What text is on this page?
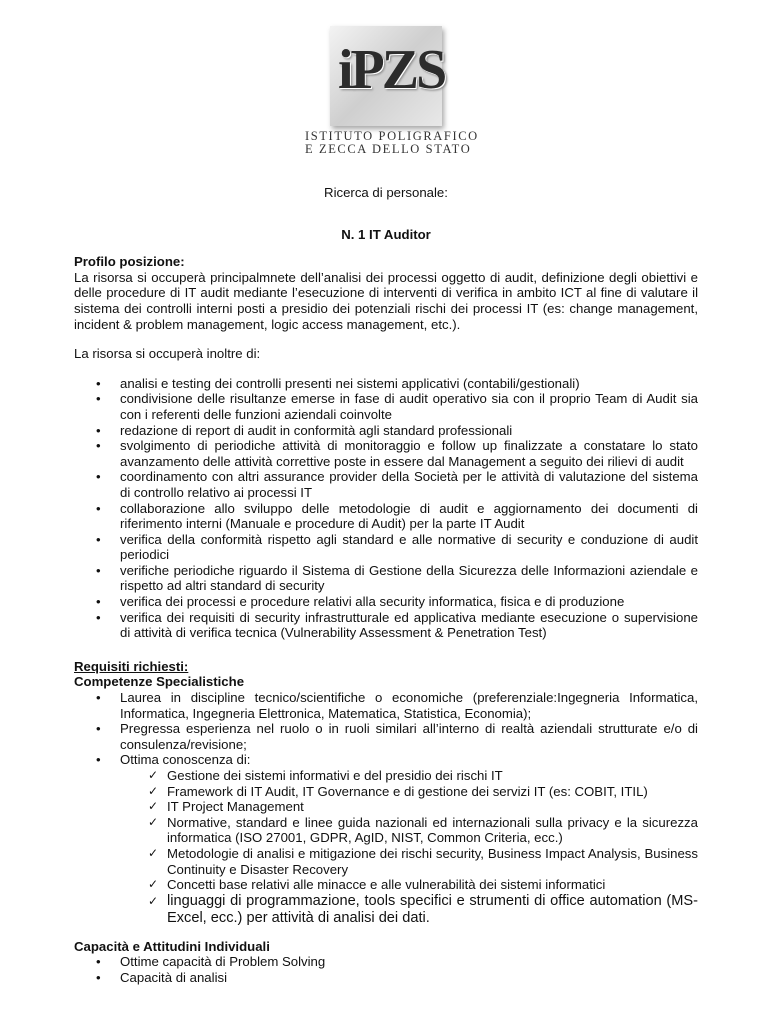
iPZS
ISTITUTO POLIGRAFICO
E ZECCA DELLO STATO
Ricerca di personale:
N. 1 IT Auditor
Profilo posizione:

La risorsa si occuperà principalmnete dell’analisi dei processi oggetto di audit, definizione degli obiettivi e delle procedure di IT audit mediante l’esecuzione di interventi di verifica in ambito ICT al fine di valutare il sistema dei controlli interni posti a presidio dei potenziali rischi dei processi IT (es: change management, incident & problem management, logic access management, etc.).

La risorsa si occuperà inoltre di:

• analisi e testing dei controlli presenti nei sistemi applicativi (contabili/gestionali)
• condivisione delle risultanze emerse in fase di audit operativo sia con il proprio Team di Audit sia con i referenti delle funzioni aziendali coinvolte
• redazione di report di audit in conformità agli standard professionali
• svolgimento di periodiche attività di monitoraggio e follow up finalizzate a constatare lo stato avanzamento delle attività correttive poste in essere dal Management a seguito dei rilievi di audit
• coordinamento con altri assurance provider della Società per le attività di valutazione del sistema di controllo relativo ai processi IT
• collaborazione allo sviluppo delle metodologie di audit e aggiornamento dei documenti di riferimento interni (Manuale e procedure di Audit) per la parte IT Audit
• verifica della conformità rispetto agli standard e alle normative di security e conduzione di audit periodici
• verifiche periodiche riguardo il Sistema di Gestione della Sicurezza delle Informazioni aziendale e rispetto ad altri standard di security
• verifica dei processi e procedure relativi alla security informatica, fisica e di produzione
• verifica dei requisiti di security infrastrutturale ed applicativa mediante esecuzione o supervisione di attività di verifica tecnica (Vulnerability Assessment & Penetration Test)
Requisiti richiesti:
Competenze Specialistiche
• Laurea in discipline tecnico/scientifiche o economiche (preferenziale:Ingegneria Informatica, Informatica, Ingegneria Elettronica, Matematica, Statistica, Economia);
• Pregressa esperienza nel ruolo o in ruoli similari all’interno di realtà aziendali strutturate e/o di consulenza/revisione;
• Ottima conoscenza di:
✓ Gestione dei sistemi informativi e del presidio dei rischi IT
✓ Framework di IT Audit, IT Governance e di gestione dei servizi IT (es: COBIT, ITIL)
✓ IT Project Management
✓ Normative, standard e linee guida nazionali ed internazionali sulla privacy e la sicurezza informatica (ISO 27001, GDPR, AgID, NIST, Common Criteria, ecc.)
✓ Metodologie di analisi e mitigazione dei rischi security, Business Impact Analysis, Business Continuity e Disaster Recovery
✓ Concetti base relativi alle minacce e alle vulnerabilità dei sistemi informatici
✓ linguaggi di programmazione, tools specifici e strumenti di office automation (MS-Excel, ecc.) per attività di analisi dei dati.
Capacità e Attitudini Individuali
• Ottime capacità di Problem Solving
• Capacità di analisi
